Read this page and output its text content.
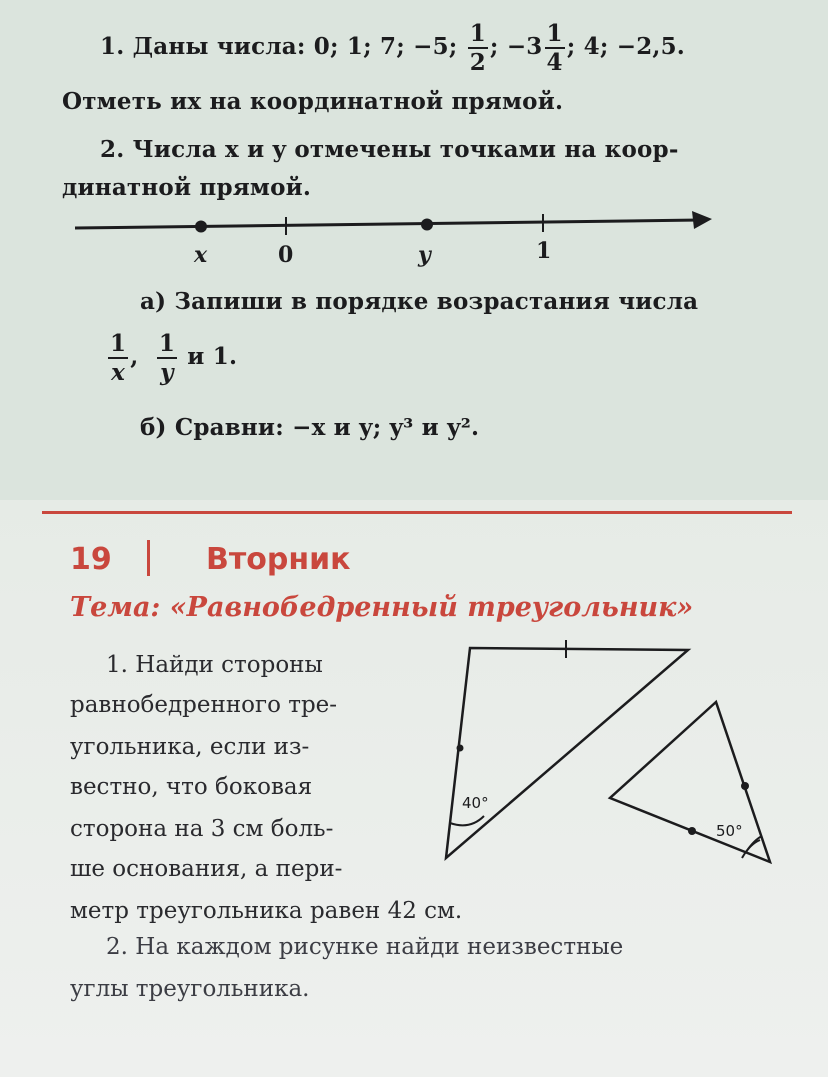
1. Даны числа: 0; 1; 7; −5; $\frac{1}{2}$ ; $-3 \frac{1}{4}$ ; 4; −2,5.
Отметь их на координатной прямой.
2. Числа x и y отмечены точками на коор-
динатной прямой.
x	0	y	1
а) Запиши в порядке возрастания числа
$\frac{1}{x}$ , $\frac{1}{y}$ и 1.
б) Сравни: −x и y; y³ и y².
19	Вторник
Тема: «Равнобедренный треугольник»
1. Найди стороны
равнобедренного тре-
угольника, если из-
вестно, что боковая
сторона на 3 см боль-
ше основания, а пери-
метр треугольника равен 42 см.
2. На каждом рисунке найди неизвестные
углы треугольника.
40°
50°
